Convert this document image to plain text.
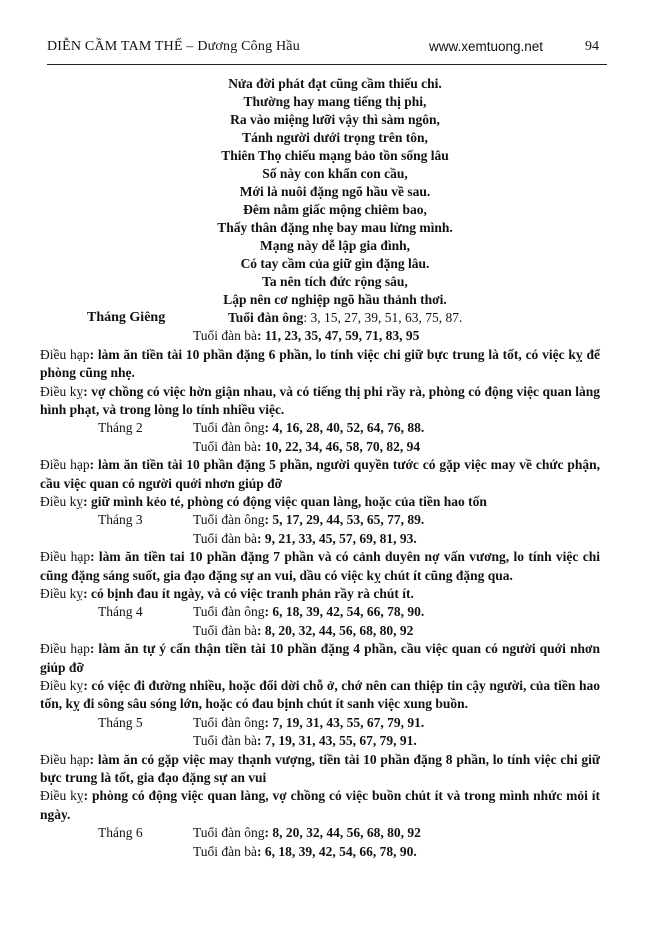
DIỄN CẦM TAM THẾ – Dương Công Hầu	www.xemtuong.net	94
Nửa đời phát đạt cũng cầm thiếu chi.
Thường hay mang tiếng thị phi,
Ra vào miệng lưỡi vậy thì sàm ngôn,
Tánh người dưới trọng trên tôn,
Thiên Thọ chiếu mạng bảo tồn sống lâu
Số này con khẩn con cầu,
Mới là nuôi đặng ngõ hầu về sau.
Đêm nằm giấc mộng chiêm bao,
Thấy thân đặng nhẹ bay mau lừng mình.
Mạng này dễ lập gia đình,
Có tay cầm của giữ gìn đặng lâu.
Ta nên tích đức rộng sâu,
Lập nên cơ nghiệp ngõ hầu thảnh thơi.
Tháng Giêng	Tuổi đàn ông: 3, 15, 27, 39, 51, 63, 75, 87.
Tuổi đàn bà: 11, 23, 35, 47, 59, 71, 83, 95
Điều hạp: làm ăn tiền tài 10 phần đặng 6 phần, lo tính việc chi giữ bực trung là tốt, có việc kỵ để phòng cũng nhẹ.
Điều kỵ: vợ chồng có việc hờn giận nhau, và có tiếng thị phi rầy rà, phòng có động việc quan làng hình phạt, và trong lòng lo tính nhiều việc.
Tháng 2	Tuổi đàn ông: 4, 16, 28, 40, 52, 64, 76, 88.
Tuổi đàn bà: 10, 22, 34, 46, 58, 70, 82, 94
Điều hạp: làm ăn tiền tài 10 phần đặng 5 phần, người quyền tước có gặp việc may về chức phận, cầu việc quan có người quới nhơn giúp đỡ
Điều kỵ: giữ mình kẻo té, phòng có động việc quan làng, hoặc của tiền hao tốn
Tháng 3	Tuổi đàn ông: 5, 17, 29, 44, 53, 65, 77, 89.
Tuổi đàn bà: 9, 21, 33, 45, 57, 69, 81, 93.
Điều hạp: làm ăn tiền tai 10 phần đặng 7 phần và có cảnh duyên nợ vấn vương, lo tính việc chi cũng đặng sáng suốt, gia đạo đặng sự an vui, dầu có việc kỵ chút ít cũng đặng qua.
Điều kỵ: có bịnh đau ít ngày, và có việc tranh phản rầy rà chút ít.
Tháng 4	Tuổi đàn ông: 6, 18, 39, 42, 54, 66, 78, 90.
Tuổi đàn bà: 8, 20, 32, 44, 56, 68, 80, 92
Điều hạp: làm ăn tự ý cẩn thận tiền tài 10 phần đặng 4 phần, cầu việc quan có người quới nhơn giúp đỡ
Điều kỵ: có việc đi đường nhiều, hoặc đổi dời chỗ ở, chớ nên can thiệp tin cậy người, của tiền hao tốn, kỵ đi sông sâu sóng lớn, hoặc có đau bịnh chút ít sanh việc xung buồn.
Tháng 5	Tuổi đàn ông: 7, 19, 31, 43, 55, 67, 79, 91.
Tuổi đàn bà: 7, 19, 31, 43, 55, 67, 79, 91.
Điều hạp: làm ăn có gặp việc may thạnh vượng, tiền tài 10 phần đặng 8 phần, lo tính việc chi giữ bực trung là tốt, gia đạo đặng sự an vui
Điều kỵ: phòng có động việc quan làng, vợ chồng có việc buồn chút ít và trong mình nhức mỏi ít ngày.
Tháng 6	Tuổi đàn ông: 8, 20, 32, 44, 56, 68, 80, 92
Tuổi đàn bà: 6, 18, 39, 42, 54, 66, 78, 90.
